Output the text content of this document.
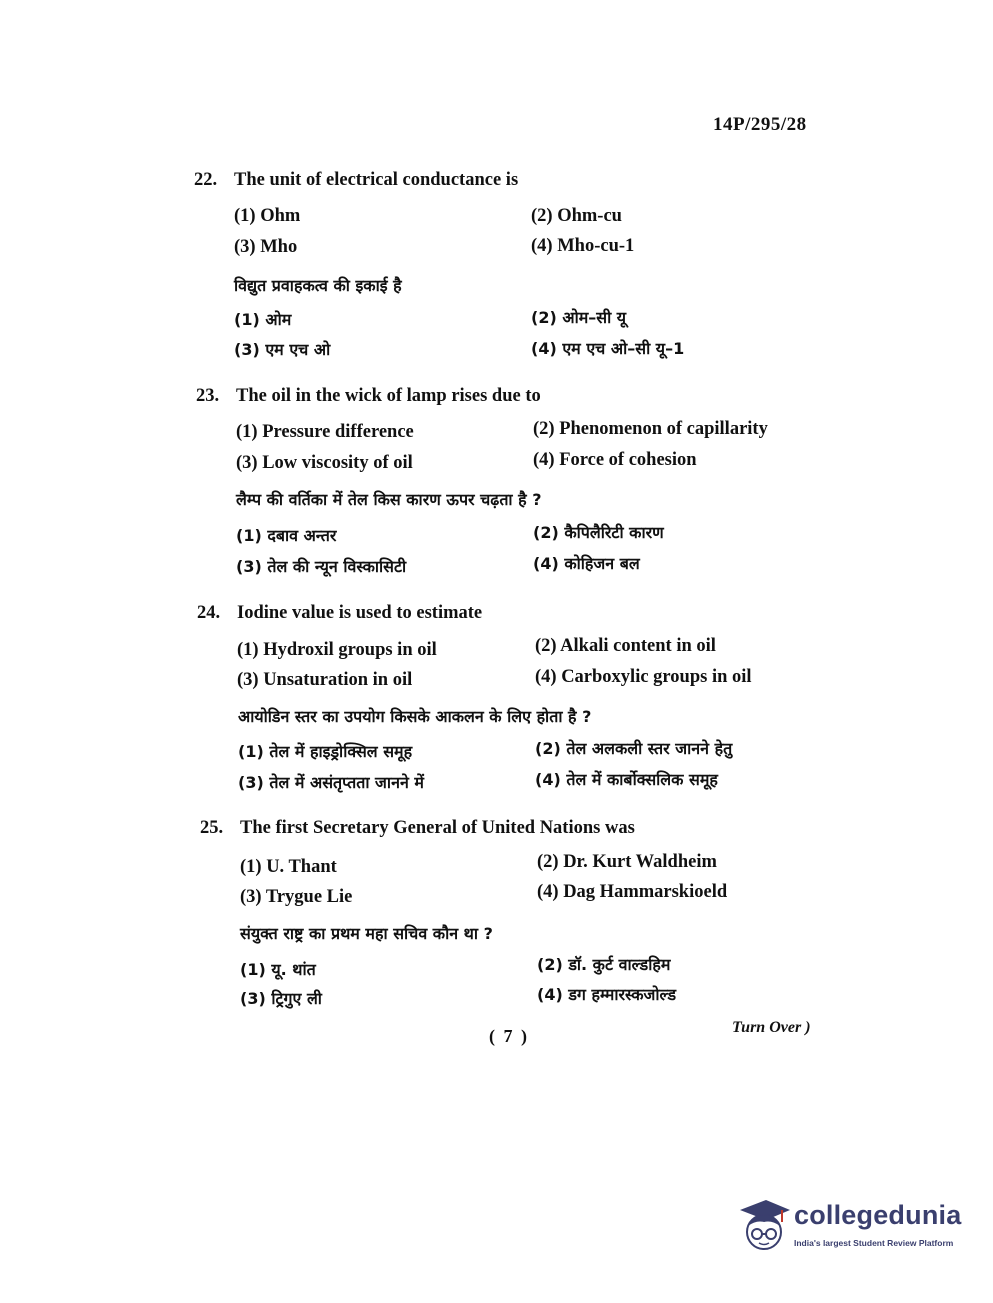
14P/295/28
22. The unit of electrical conductance is
(1) Ohm	(2) Ohm-cu
(3) Mho	(4) Mho-cu-1
विद्युत प्रवाहकत्व की इकाई है
(1) ओम	(2) ओम–सी यू
(3) एम एच ओ	(4) एम एच ओ–सी यू–1
23. The oil in the wick of lamp rises due to
(1) Pressure difference	(2) Phenomenon of capillarity
(3) Low viscosity of oil	(4) Force of cohesion
लैम्प की वर्तिका में तेल किस कारण ऊपर चढ़ता है ?
(1) दबाव अन्तर	(2) कैपिलैरिटी कारण
(3) तेल की न्यून विस्कासिटी	(4) कोहिजन बल
24. Iodine value is used to estimate
(1) Hydroxil groups in oil	(2) Alkali content in oil
(3) Unsaturation in oil	(4) Carboxylic groups in oil
आयोडिन स्तर का उपयोग किसके आकलन के लिए होता है ?
(1) तेल में हाइड्रोक्सिल समूह	(2) तेल अलकली स्तर जानने हेतु
(3) तेल में असंतृप्तता जानने में	(4) तेल में कार्बोक्सलिक समूह
25. The first Secretary General of United Nations was
(1) U. Thant	(2) Dr. Kurt Waldheim
(3) Trygue Lie	(4) Dag Hammarskioeld
संयुक्त राष्ट्र का प्रथम महा सचिव कौन था ?
(1) यू. थांत	(2) डॉ. कुर्ट वाल्डहिम
(3) ट्रिगुए ली	(4) डग हम्मारस्कजोल्ड
( 7 )	Turn Over )
collegedunia
India's largest Student Review Platform
